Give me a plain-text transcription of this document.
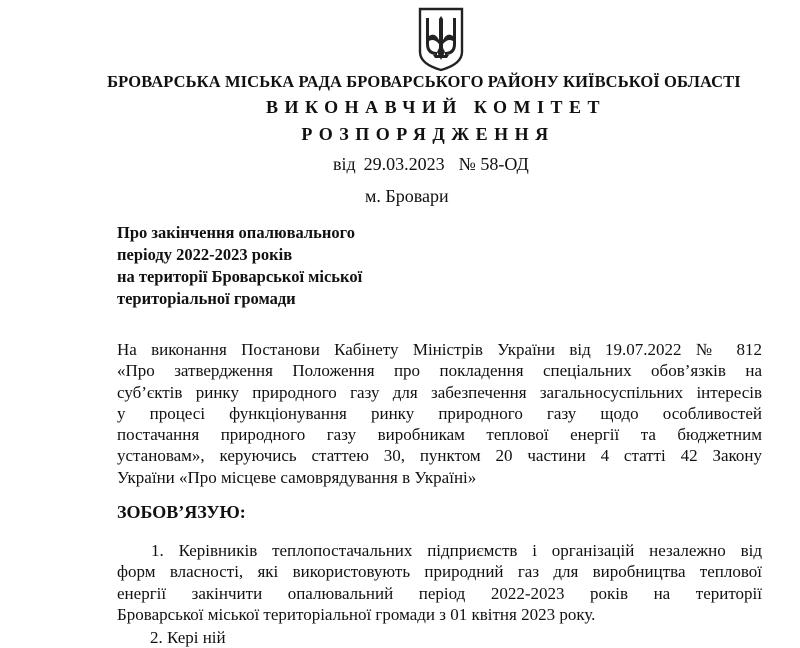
БРОВАРСЬКА МІСЬКА РАДА БРОВАРСЬКОГО РАЙОНУ КИЇВСЬКОЇ ОБЛАСТІ
ВИКОНАВЧИЙ КОМІТЕТ
РОЗПОРЯДЖЕННЯ
від 29.03.2023 № 58-ОД
м. Бровари
Про закінчення опалювального
періоду 2022-2023 років
на території Броварської міської
територіальної громади
На виконання Постанови Кабінету Міністрів України від 19.07.2022 № 812
«Про затвердження Положення про покладення спеціальних обов’язків на
суб’єктів ринку природного газу для забезпечення загальносуспільних інтересів
у процесі функціонування ринку природного газу щодо особливостей
постачання природного газу виробникам теплової енергії та бюджетним
установам», керуючись статтею 30, пунктом 20 частини 4 статті 42 Закону
України «Про місцеве самоврядування в Україні»
ЗОБОВ’ЯЗУЮ:
1. Керівників теплопостачальних підприємств і організацій незалежно від
форм власності, які використовують природний газ для виробництва теплової
енергії закінчити опалювальний період 2022-2023 років на території
Броварської міської територіальної громади з 01 квітня 2023 року.
2. Кері ній
